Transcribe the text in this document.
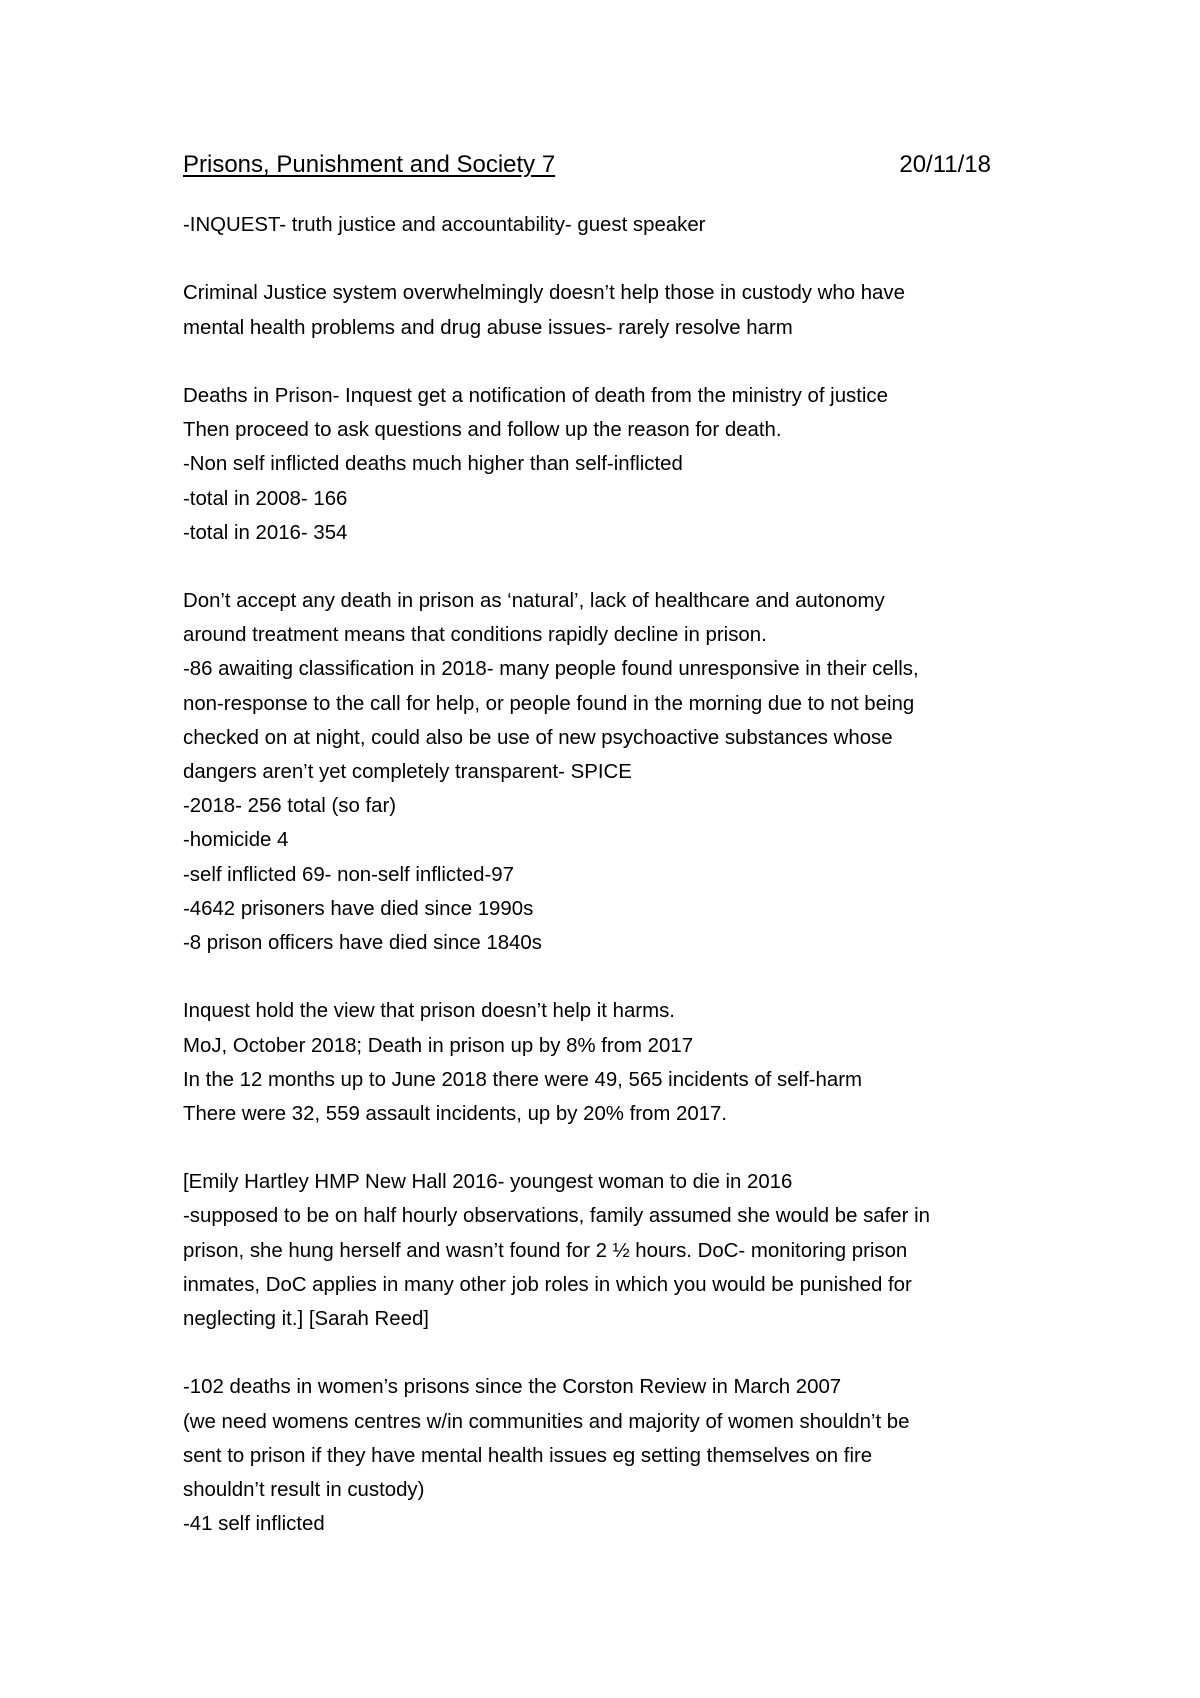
Prisons, Punishment and Society 7	20/11/18
-INQUEST- truth justice and accountability- guest speaker
Criminal Justice system overwhelmingly doesn’t help those in custody who have
mental health problems and drug abuse issues- rarely resolve harm
Deaths in Prison- Inquest get a notification of death from the ministry of justice
Then proceed to ask questions and follow up the reason for death.
-Non self inflicted deaths much higher than self-inflicted
-total in 2008- 166
-total in 2016- 354
Don’t accept any death in prison as ‘natural’, lack of healthcare and autonomy
around treatment means that conditions rapidly decline in prison.
-86 awaiting classification in 2018- many people found unresponsive in their cells,
non-response to the call for help, or people found in the morning due to not being
checked on at night, could also be use of new psychoactive substances whose
dangers aren’t yet completely transparent- SPICE
-2018- 256 total (so far)
-homicide 4
-self inflicted 69- non-self inflicted-97
-4642 prisoners have died since 1990s
-8 prison officers have died since 1840s
Inquest hold the view that prison doesn’t help it harms.
MoJ, October 2018; Death in prison up by 8% from 2017
In the 12 months up to June 2018 there were 49, 565 incidents of self-harm
There were 32, 559 assault incidents, up by 20% from 2017.
[Emily Hartley HMP New Hall 2016- youngest woman to die in 2016
-supposed to be on half hourly observations, family assumed she would be safer in
prison, she hung herself and wasn’t found for 2 ½ hours. DoC- monitoring prison
inmates, DoC applies in many other job roles in which you would be punished for
neglecting it.] [Sarah Reed]
-102 deaths in women’s prisons since the Corston Review in March 2007
(we need womens centres w/in communities and majority of women shouldn’t be
sent to prison if they have mental health issues eg setting themselves on fire
shouldn’t result in custody)
-41 self inflicted
